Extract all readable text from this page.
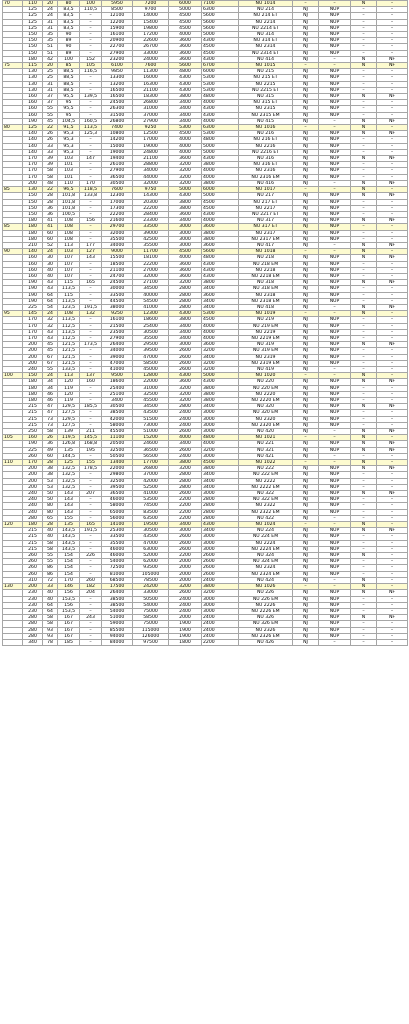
70	110	20	80	100	5950	7200	6000	7100	NU 1014	–	–	N	–
	125	24	83,5	110,5	8500	9700	5000	6300	NU 214	NJ	NUP	–	–
	125	24	83,5	–	12100	14000	4500	5600	NU 214 ET	NJ	NUP	–	–
	125	31	83,5	–	12200	15400	4500	5600	NU 2214	NJ	NUP	–	–
	125	31	83,5	–	15900	19800	4500	5600	NU 2214 ET	NJ	NUP	–	–
	150	35	90	–	16100	17200	4000	5000	NU 314	NJ	NUP	–	–
	150	35	89	–	20900	22600	3600	4300	NU 314 ET	NJ	NUP	–	–
	150	51	90	–	22700	26700	3600	4500	NU 2314	NJ	NUP	–	–
	150	51	89	–	27900	33000	3600	4500	NU 2314 ET	NJ	NUP	–	–
	180	42	100	152	23200	24000	3600	4300	NU 414	NJ	–	N	NF
75	115	20	85	105	6100	7600	5600	6700	NU 1015	–	–	N	NF
	130	25	88,5	116,5	9850	11300	4800	6000	NU 215	NJ	NUP	–	–
	130	25	88,5	–	13300	16000	4300	5300	NU 215 ET	NJ	NUP	–	–
	130	31	88,5	–	13200	16300	4300	5300	NU 2215	NJ	NUP	–	–
	130	31	88,5	–	16500	21100	4300	5300	NU 2215 ET	NJ	NUP	–	–
	160	37	95,5	139,5	16500	18300	3800	4800	NU 315	NJ	NUP	N	NF
	160	37	95	–	24500	26800	3400	4000	NU 315 ET	NJ	NUP	–	–
	160	55	95,5	–	26300	31000	3400	4300	NU 2315	NJ	NUP	–	–
	160	55	95	–	31500	37000	3400	4300	NU 2315 EM	NJ	NUP	–	–
	190	45	104,5	160,5	26800	27900	3400	4000	NU 415	NJ	–	N	NF
80	125	22	91,5	113,5	7400	9250	5300	6300	NU 1016	–	–	N	–
	140	26	95,3	125,3	10800	12500	4500	5300	NU 216	NJ	NUP	N	NF
	140	26	95,3	–	14200	17000	4000	4800	NU 216 ET	NJ	NUP	–	–
	140	33	95,3	–	15000	19000	4000	5000	NU 2216	NJ	NUP	–	–
	140	33	95,3	–	19000	24800	4000	5000	NU 2216 ET	NJ	NUP	–	–
	170	39	103	147	19400	21100	3600	4300	NU 316	NJ	NUP	N	NF
	170	39	101	–	26100	28800	3200	3800	NU 316 ET	NJ	NUP	–	–
	170	58	103	–	27900	34000	3200	4000	NU 2316	NJ	NUP	–	–
	170	58	101	–	36500	44000	3200	4000	NU 2316 EM	NJ	NUP	–	–
	200	48	110	170	30500	32000	3200	3800	NU 416	NJ	–	N	NF
85	130	22	96,5	118,5	7600	9750	5000	6000	NU 1017	–	–	N	–
	150	28	101,8	133,8	12300	14300	4300	5000	NU 217	NJ	NUP	N	NF
	150	28	101,8	–	17000	20300	3800	4500	NU 217 ET	NJ	NUP	–	–
	150	36	101,8	–	17300	22200	3800	4500	NU 2217	NJ	NUP	–	–
	150	36	100,5	–	22200	28400	3600	4300	NU 2217 ET	NJ	NUP	–	–
	180	41	108	156	21600	23300	3400	4000	NU 317	NJ	NUP	N	NF
85	180	41	108	–	29700	33500	3000	3600	NU 317 ET	NJ	NUP	–	–
	180	60	108	–	32000	39000	3000	3800	NU 2317	NJ	NUP	–	–
	180	60	108	–	35500	42500	3000	3800	NU 2317 EM	NJ	NUP	–	–
	210	52	113	177	34000	35500	3000	3600	NU 417	NJ	–	N	NF
90	140	24	103	127	9000	11700	4500	5600	NU 1018	–	–	N	–
	160	30	107	143	15500	18100	4000	4800	NU 218	NJ	NUP	N	NF
	160	30	107	–	18500	22200	3600	4300	NU 218 EM	NJ	NUP	–	–
	160	40	107	–	21100	27000	3600	4300	NU 2218	NJ	NUP	–	–
	160	40	107	–	24700	32000	3600	4300	NU 2218 EM	NJ	NUP	–	–
	190	43	115	165	24500	27100	3200	3800	NU 318	NJ	NUP	N	NF
	190	43	113,5	–	30000	34500	2800	3400	NU 318 EM	NJ	NUP	–	–
	190	64	115	–	33500	40000	2800	3600	NU 2318	NJ	NUP	–	–
	190	64	113,5	–	44500	54500	2800	3400	NU 2318 EM	NJ	NUP	–	–
	225	54	123,5	191,5	38000	41000	2800	3400	NU 418	NJ	–	N	NF
95	145	24	108	132	9250	12300	4300	5300	NU 1019	–	–	N	–
	170	32	113,5	–	16100	18600	3800	4500	NU 219	NJ	NUP	–	–
	170	32	112,5	–	21500	25400	3400	4000	NU 219 EM	NJ	NUP	–	–
	170	43	113,5	–	23500	30500	3400	4000	NU 2219	NJ	NUP	–	–
	170	43	112,5	–	27900	35500	3400	4000	NU 2219 EM	NJ	NUP	–	–
	200	45	121,5	173,5	26400	29500	3000	3600	NU 319	NJ	NUP	N	NF
	200	45	121,5	–	34000	39500	2600	3200	NU 319 EM	NJ	NUP	–	–
	200	67	121,5	–	39000	47000	2600	3400	NU 2319	NJ	NUP	–	–
	200	67	121,5	–	47000	58500	2600	3200	NU 2319 EM	NJ	NUP	–	–
	240	55	133,5	–	41000	45000	2600	3200	NU 419	NJ	–	–	–
100	150	24	113	137	9500	12800	4300	5000	NU 1020	–	–	N	–
	180	34	120	160	18600	22000	3600	4300	NU 220	NJ	NUP	N	NF
	180	34	119	–	25400	31000	3200	3800	NU 220 EM	NJ	NUP	–	–
	180	46	120	–	25100	32500	3200	3800	NU 2220	NJ	NUP	–	–
	180	46	119	–	3400	45500	3200	3800	NU 2220 EM	NJ	NUP	–	–
	215	47	129,5	185,5	30500	34500	2800	3400	NU 320	NJ	NUP	N	NF
	215	47	127,5	–	38500	43500	2400	3000	NU 320 EM	NJ	NUP	–	–
	215	73	129,5	–	42000	51500	2400	3000	NU 2320	NJ	NUP	–	–
	215	73	127,5	–	58000	73000	2400	3000	NU 2320 EM	NJ	NUP	–	–
	250	58	139	211	45500	51000	2600	3000	NU 420	NJ	–	N	NF
105	160	26	119,5	145,5	11100	15200	4000	4800	NU 1021	–	–	N	–
	190	36	126,8	168,8	20500	24600	3400	4000	NU 221	NJ	NUP	N	NF
	225	49	135	195	32500	36500	2600	3200	NU 321	NJ	NUP	N	NF
	260	60	144,5	–	50500	56500	2400	3000	NU 421	NJ	–	–	–
110	170	28	125	155	13400	17700	3800	4500	NU 1022	–	–	N	–
	200	38	132,5	178,5	22000	26800	3200	3800	NU 222	NJ	NUP	N	NF
	200	38	132,5	–	29800	37000	2800	3400	NU 222 EM	NJ	NUP	–	–
	200	53	132,5	–	32500	42000	2800	3400	NU 2222	NJ	NUP	–	–
	200	53	132,5	–	39500	52500	2800	3400	NU 2222 EM	NJ	NUP	–	–
	240	50	143	207	36500	41000	2600	3000	NU 322	NJ	NUP	N	NF
	240	50	143	–	46000	53500	2200	2800	NU 322 EM	NJ	NUP	–	–
	240	80	143	–	58000	74500	2200	2800	NU 2322	NJ	NUP	–	–
	240	80	143	–	65000	83500	2200	2800	NU 2322 EM	NJ	NUP	–	–
	280	65	155	–	56000	63500	2200	2800	NU 422	NJ	–	–	–
120	180	28	135	165	14100	19500	3400	4300	NU 1024	–	–	N	–
	215	40	143,5	191,5	25300	30500	3000	3400	NU 224	NJ	NUP	N	NF
	215	40	143,5	–	33500	43500	2600	3000	NU 224 EM	NJ	NUP	–	–
	215	58	143,5	–	35500	47000	2600	3000	NU 2224	NJ	NUP	–	–
	215	58	143,5	–	46000	63000	2600	3000	NU 2224 EM	NJ	NUP	–	–
	260	55	154	226	46000	52000	2200	2600	NU 324	NJ	NUP	N	–
	260	55	154	–	54000	62000	2000	2600	NU 324 EM	NJ	NUP	–	–
	260	86	154	–	72500	93500	2000	2600	NU 2324	NJ	NUP	–	–
	260	86	154	–	81000	105000	2000	2600	NU 2324 EM	NJ	NUP	–	–
	310	72	170	260	68500	78500	2000	2400	NU 424	NJ	–	N	–
130	200	33	146	182	17500	24200	3200	3800	NU 1026	–	–	N	–
	230	40	156	204	26400	33000	2600	3200	NU 226	NJ	NUP	N	NF
	230	40	153,5	–	38500	50500	2400	3000	NU 226 EM	NJ	NUP	–	–
	230	64	156	–	38500	54000	2400	3000	NU 2226	NJ	NUP	–	–
	230	64	153,5	–	54000	75000	2400	3000	NU 2226 EM	NJ	NUP	–	–
	280	58	167	243	51000	58500	2000	2400	NU 326	NJ	NUP	N	NF
	280	58	167	–	59000	75000	1900	2400	NU 326 EM	NJ	NUP	–	–
	280	93	167	–	85500	115000	1900	2400	NU 2326	NJ	NUP	–	–
	280	93	167	–	94000	126000	1900	2400	NU 2326 EM	NJ	NUP	–	–
	340	78	185	–	84000	97500	1800	2200	NU 426	NJ	–	–	–
